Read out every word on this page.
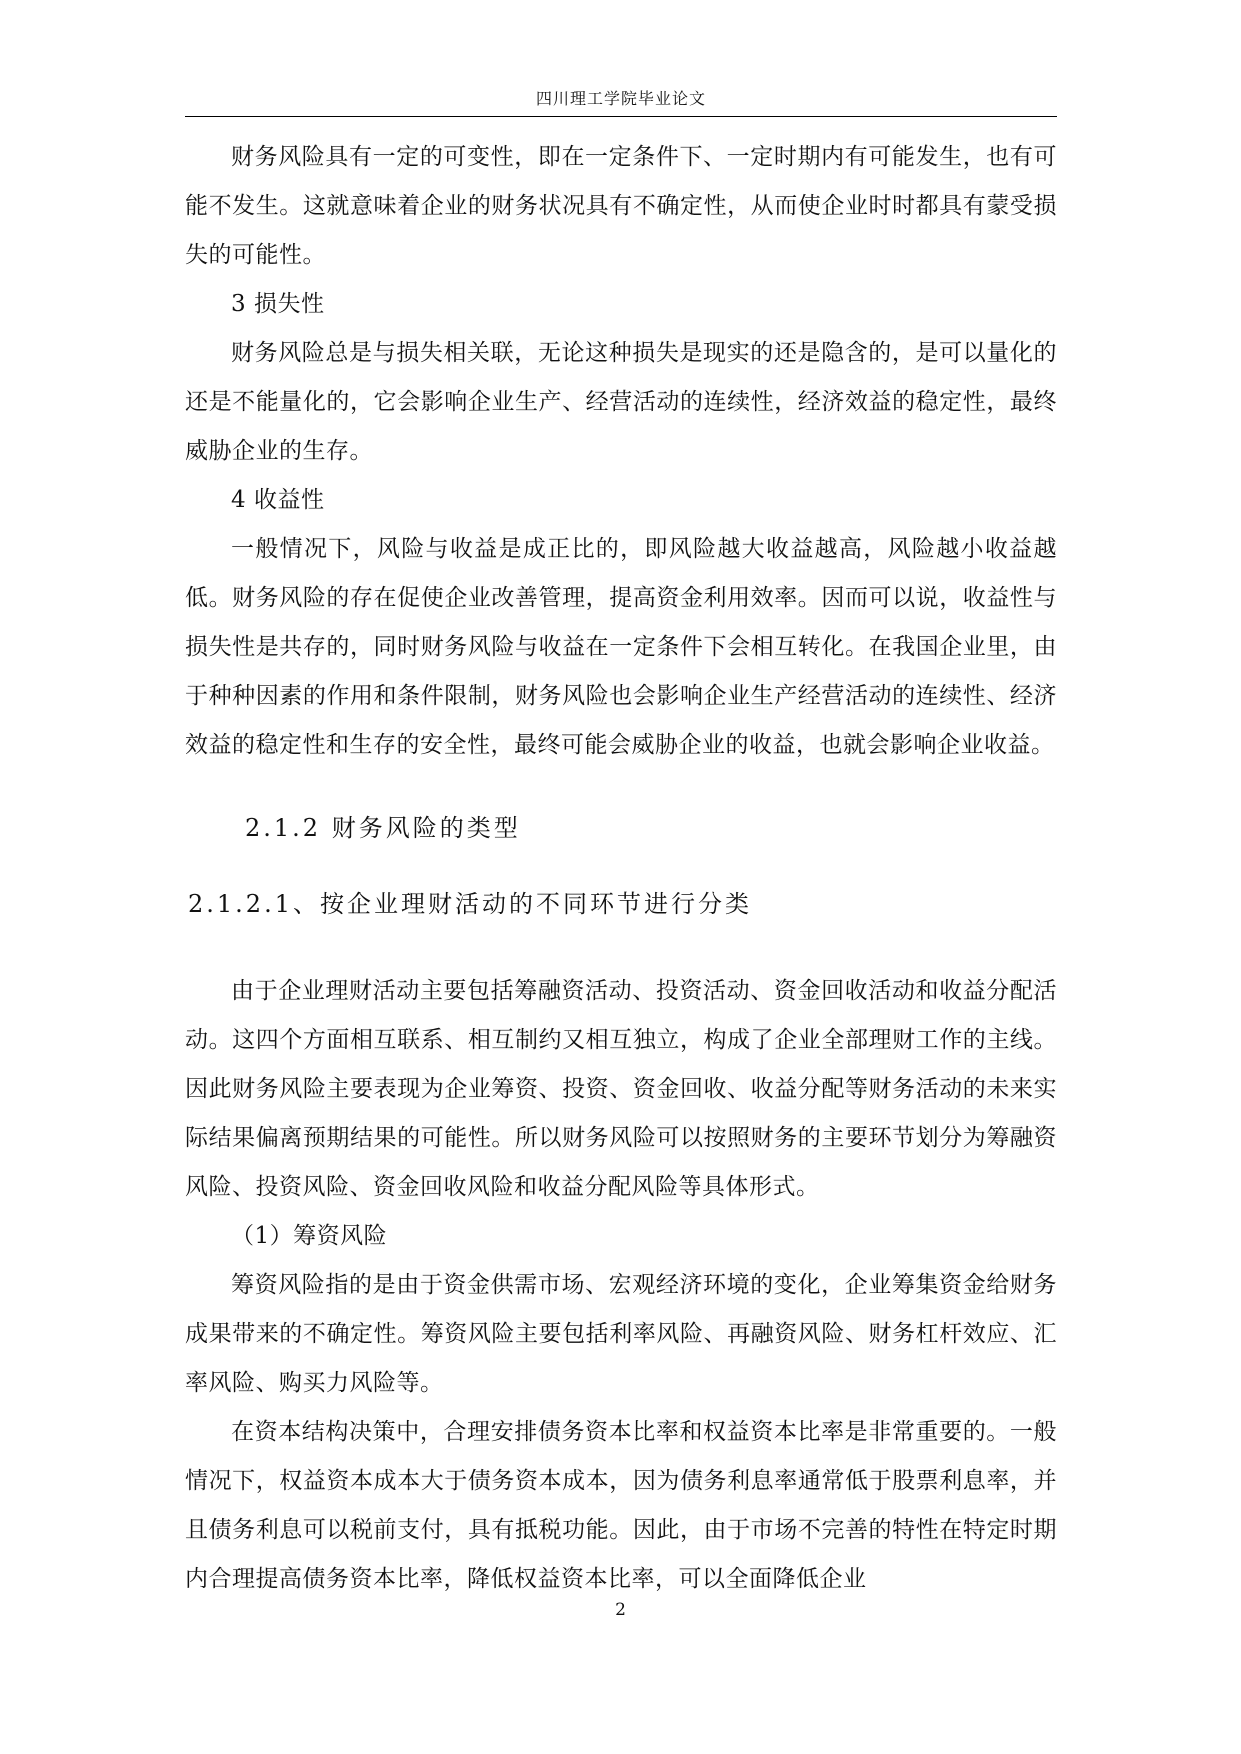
四川理工学院毕业论文

财务风险具有一定的可变性，即在一定条件下、一定时期内有可能发生，也有可能不发生。这就意味着企业的财务状况具有不确定性，从而使企业时时都具有蒙受损失的可能性。

3 损失性

财务风险总是与损失相关联，无论这种损失是现实的还是隐含的，是可以量化的还是不能量化的，它会影响企业生产、经营活动的连续性，经济效益的稳定性，最终威胁企业的生存。

4 收益性

一般情况下，风险与收益是成正比的，即风险越大收益越高，风险越小收益越低。财务风险的存在促使企业改善管理，提高资金利用效率。因而可以说，收益性与损失性是共存的，同时财务风险与收益在一定条件下会相互转化。在我国企业里，由于种种因素的作用和条件限制，财务风险也会影响企业生产经营活动的连续性、经济效益的稳定性和生存的安全性，最终可能会威胁企业的收益，也就会影响企业收益。

2.1.2 财务风险的类型
2.1.2.1、按企业理财活动的不同环节进行分类

由于企业理财活动主要包括筹融资活动、投资活动、资金回收活动和收益分配活动。这四个方面相互联系、相互制约又相互独立，构成了企业全部理财工作的主线。因此财务风险主要表现为企业筹资、投资、资金回收、收益分配等财务活动的未来实际结果偏离预期结果的可能性。所以财务风险可以按照财务的主要环节划分为筹融资风险、投资风险、资金回收风险和收益分配风险等具体形式。

（1）筹资风险

筹资风险指的是由于资金供需市场、宏观经济环境的变化，企业筹集资金给财务成果带来的不确定性。筹资风险主要包括利率风险、再融资风险、财务杠杆效应、汇率风险、购买力风险等。

在资本结构决策中，合理安排债务资本比率和权益资本比率是非常重要的。一般情况下，权益资本成本大于债务资本成本，因为债务利息率通常低于股票利息率，并且债务利息可以税前支付，具有抵税功能。因此，由于市场不完善的特性在特定时期内合理提高债务资本比率，降低权益资本比率，可以全面降低企业

2
